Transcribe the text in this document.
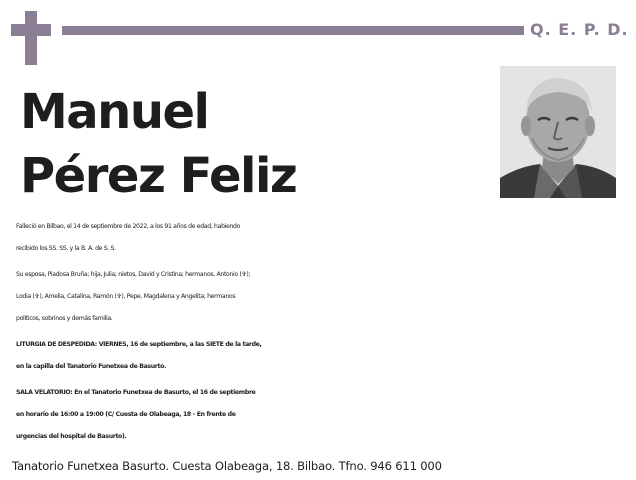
Q. E. P. D.
Manuel
Pérez Feliz
Falleció en Bilbao, el 14 de septiembre de 2022, a los 91 años de edad, habiendo
recibido los SS. SS. y la B. A. de S. S.
Su esposa, Piadosa Bruña; hija, Julia; nietos, David y Cristina; hermanos, Antonio (✞);
Lodia (✞), Amelia, Catalina, Ramón (✞), Pepe, Magdalena y Angelita; hermanos
políticos, sobrinos y demás familia.
LITURGIA DE DESPEDIDA: VIERNES, 16 de septiembre, a las SIETE de la tarde,
en la capilla del Tanatorio Funetxea de Basurto.
SALA VELATORIO: En el Tanatorio Funetxea de Basurto, el 16 de septiembre
en horario de 16:00 a 19:00 (C/ Cuesta de Olabeaga, 18 - En frente de
urgencias del hospital de Basurto).
Tanatorio Funetxea Basurto. Cuesta Olabeaga, 18. Bilbao. Tfno. 946 611 000
